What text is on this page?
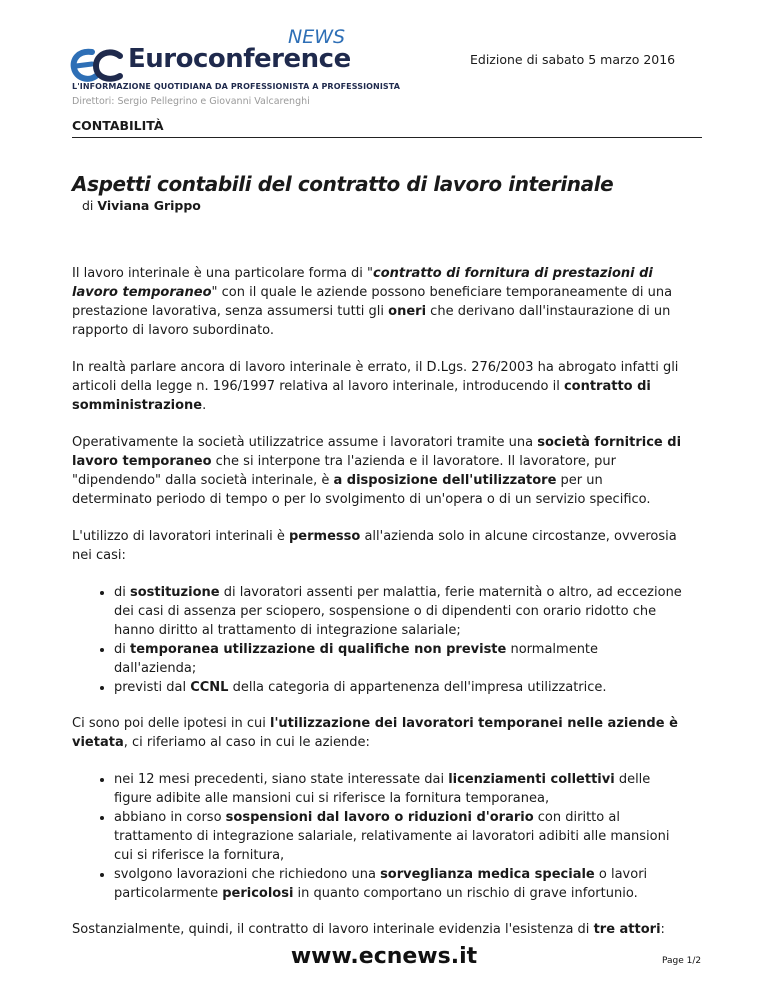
NEWS
Euroconference
L'INFORMAZIONE QUOTIDIANA DA PROFESSIONISTA A PROFESSIONISTA
Direttori: Sergio Pellegrino e Giovanni Valcarenghi
Edizione di sabato 5 marzo 2016
CONTABILITÀ
Aspetti contabili del contratto di lavoro interinale
di Viviana Grippo

Il lavoro interinale è una particolare forma di "contratto di fornitura di prestazioni di lavoro temporaneo" con il quale le aziende possono beneficiare temporaneamente di una prestazione lavorativa, senza assumersi tutti gli oneri che derivano dall'instaurazione di un rapporto di lavoro subordinato.

In realtà parlare ancora di lavoro interinale è errato, il D.Lgs. 276/2003 ha abrogato infatti gli articoli della legge n. 196/1997 relativa al lavoro interinale, introducendo il contratto di somministrazione.

Operativamente la società utilizzatrice assume i lavoratori tramite una società fornitrice di lavoro temporaneo che si interpone tra l'azienda e il lavoratore. Il lavoratore, pur "dipendendo" dalla società interinale, è a disposizione dell'utilizzatore per un determinato periodo di tempo o per lo svolgimento di un'opera o di un servizio specifico.

L'utilizzo di lavoratori interinali è permesso all'azienda solo in alcune circostanze, ovverosia nei casi:

• di sostituzione di lavoratori assenti per malattia, ferie maternità o altro, ad eccezione dei casi di assenza per sciopero, sospensione o di dipendenti con orario ridotto che hanno diritto al trattamento di integrazione salariale;
• di temporanea utilizzazione di qualifiche non previste normalmente dall'azienda;
• previsti dal CCNL della categoria di appartenenza dell'impresa utilizzatrice.

Ci sono poi delle ipotesi in cui l'utilizzazione dei lavoratori temporanei nelle aziende è vietata, ci riferiamo al caso in cui le aziende:

• nei 12 mesi precedenti, siano state interessate dai licenziamenti collettivi delle figure adibite alle mansioni cui si riferisce la fornitura temporanea,
• abbiano in corso sospensioni dal lavoro o riduzioni d'orario con diritto al trattamento di integrazione salariale, relativamente ai lavoratori adibiti alle mansioni cui si riferisce la fornitura,
• svolgono lavorazioni che richiedono una sorveglianza medica speciale o lavori particolarmente pericolosi in quanto comportano un rischio di grave infortunio.

Sostanzialmente, quindi, il contratto di lavoro interinale evidenzia l'esistenza di tre attori:

www.ecnews.it	Page 1/2
